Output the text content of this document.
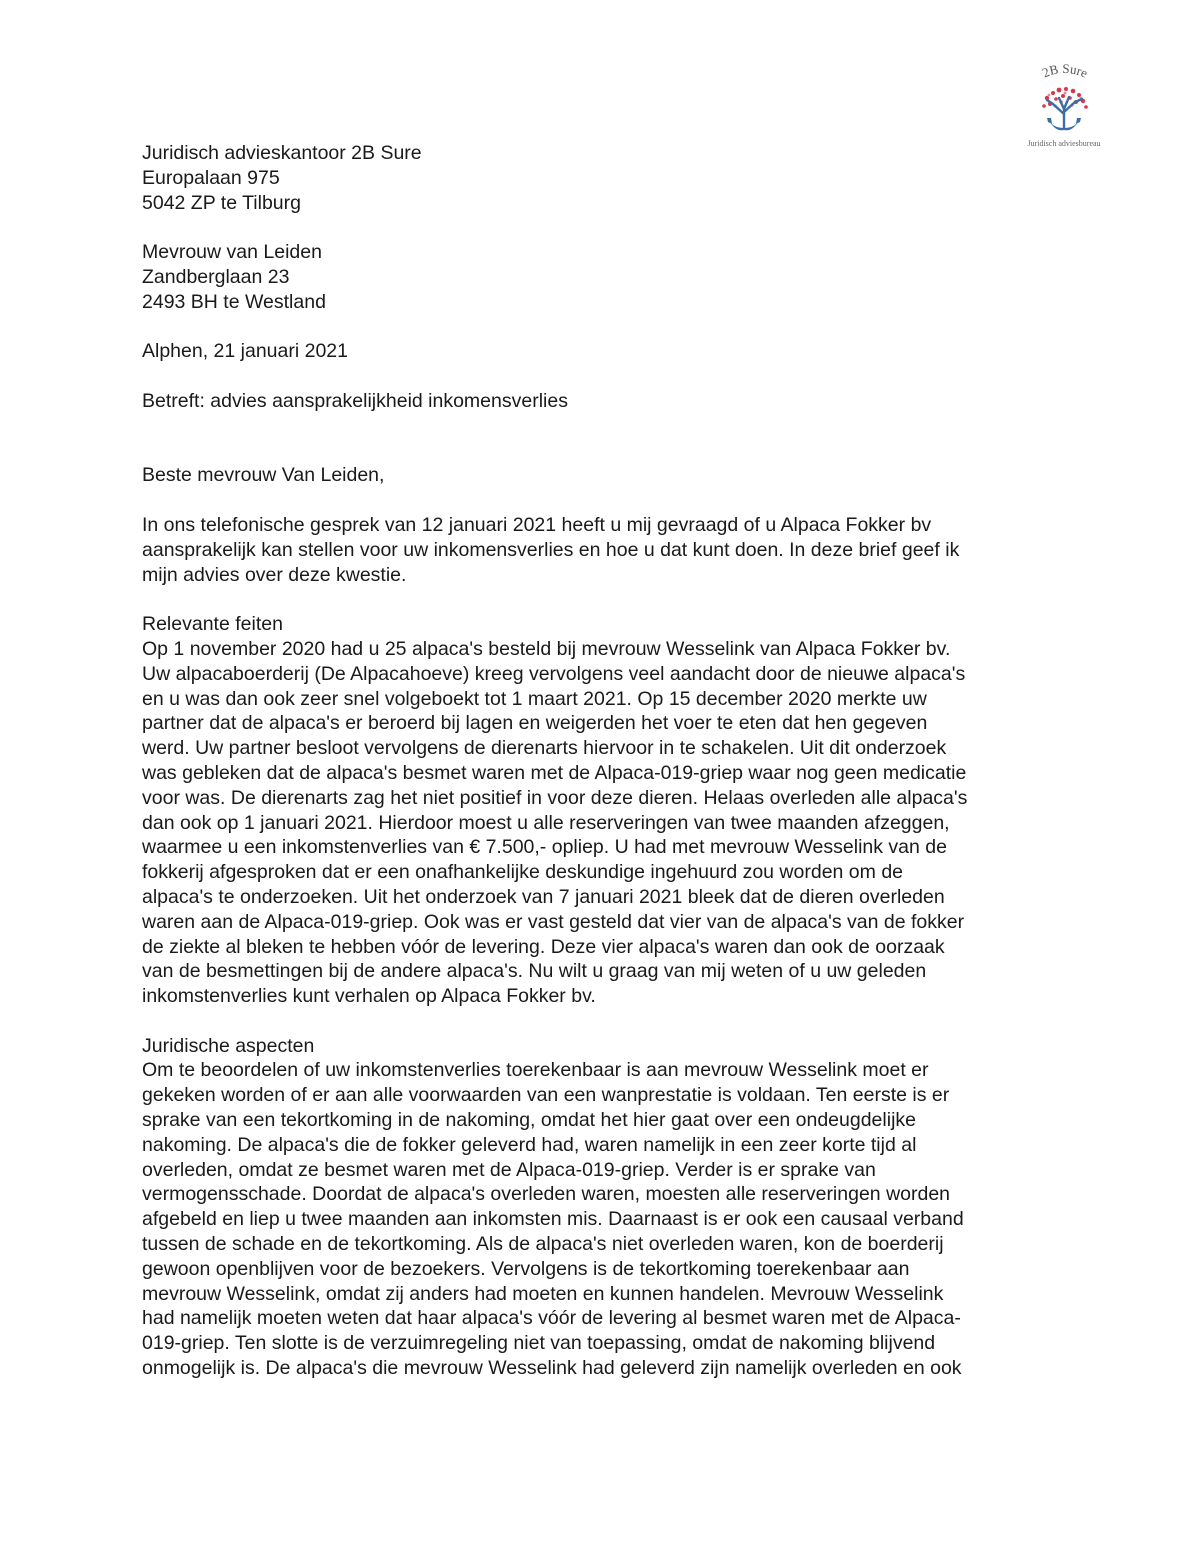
2B Sure
Juridisch adviesbureau
Juridisch advieskantoor 2B Sure
Europalaan 975
5042 ZP te Tilburg
Mevrouw van Leiden
Zandberglaan 23
2493 BH te Westland
Alphen, 21 januari 2021
Betreft: advies aansprakelijkheid inkomensverlies
Beste mevrouw Van Leiden,
In ons telefonische gesprek van 12 januari 2021 heeft u mij gevraagd of u Alpaca Fokker bv
aansprakelijk kan stellen voor uw inkomensverlies en hoe u dat kunt doen. In deze brief geef ik
mijn advies over deze kwestie.
Relevante feiten
Op 1 november 2020 had u 25 alpaca's besteld bij mevrouw Wesselink van Alpaca Fokker bv.
Uw alpacaboerderij (De Alpacahoeve) kreeg vervolgens veel aandacht door de nieuwe alpaca's
en u was dan ook zeer snel volgeboekt tot 1 maart 2021. Op 15 december 2020 merkte uw
partner dat de alpaca's er beroerd bij lagen en weigerden het voer te eten dat hen gegeven
werd. Uw partner besloot vervolgens de dierenarts hiervoor in te schakelen. Uit dit onderzoek
was gebleken dat de alpaca's besmet waren met de Alpaca-019-griep waar nog geen medicatie
voor was. De dierenarts zag het niet positief in voor deze dieren. Helaas overleden alle alpaca's
dan ook op 1 januari 2021. Hierdoor moest u alle reserveringen van twee maanden afzeggen,
waarmee u een inkomstenverlies van € 7.500,- opliep. U had met mevrouw Wesselink van de
fokkerij afgesproken dat er een onafhankelijke deskundige ingehuurd zou worden om de
alpaca's te onderzoeken. Uit het onderzoek van 7 januari 2021 bleek dat de dieren overleden
waren aan de Alpaca-019-griep. Ook was er vast gesteld dat vier van de alpaca's van de fokker
de ziekte al bleken te hebben vóór de levering. Deze vier alpaca's waren dan ook de oorzaak
van de besmettingen bij de andere alpaca's. Nu wilt u graag van mij weten of u uw geleden
inkomstenverlies kunt verhalen op Alpaca Fokker bv.
Juridische aspecten
Om te beoordelen of uw inkomstenverlies toerekenbaar is aan mevrouw Wesselink moet er
gekeken worden of er aan alle voorwaarden van een wanprestatie is voldaan. Ten eerste is er
sprake van een tekortkoming in de nakoming, omdat het hier gaat over een ondeugdelijke
nakoming. De alpaca's die de fokker geleverd had, waren namelijk in een zeer korte tijd al
overleden, omdat ze besmet waren met de Alpaca-019-griep. Verder is er sprake van
vermogensschade. Doordat de alpaca's overleden waren, moesten alle reserveringen worden
afgebeld en liep u twee maanden aan inkomsten mis. Daarnaast is er ook een causaal verband
tussen de schade en de tekortkoming. Als de alpaca's niet overleden waren, kon de boerderij
gewoon openblijven voor de bezoekers. Vervolgens is de tekortkoming toerekenbaar aan
mevrouw Wesselink, omdat zij anders had moeten en kunnen handelen. Mevrouw Wesselink
had namelijk moeten weten dat haar alpaca's vóór de levering al besmet waren met de Alpaca-
019-griep. Ten slotte is de verzuimregeling niet van toepassing, omdat de nakoming blijvend
onmogelijk is. De alpaca's die mevrouw Wesselink had geleverd zijn namelijk overleden en ook
